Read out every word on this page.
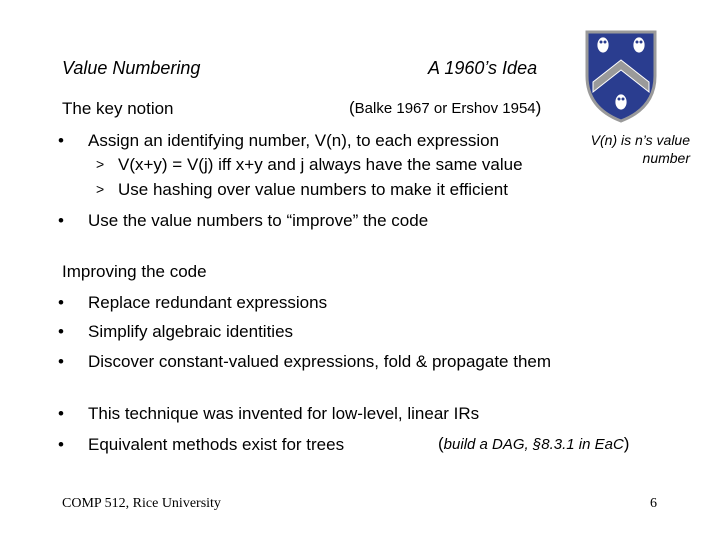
Value Numbering	A 1960’s Idea
The key notion	(Balke 1967 or Ershov 1954)
• Assign an identifying number, V(n), to each expression
> V(x+y) = V(j) iff x+y and j always have the same value
> Use hashing over value numbers to make it efficient
• Use the value numbers to “improve” the code
V(n) is n’s value number
Improving the code
• Replace redundant expressions
• Simplify algebraic identities
• Discover constant-valued expressions, fold & propagate them
• This technique was invented for low-level, linear IRs
• Equivalent methods exist for trees	(build a DAG, §8.3.1 in EaC)
COMP 512, Rice University	6
